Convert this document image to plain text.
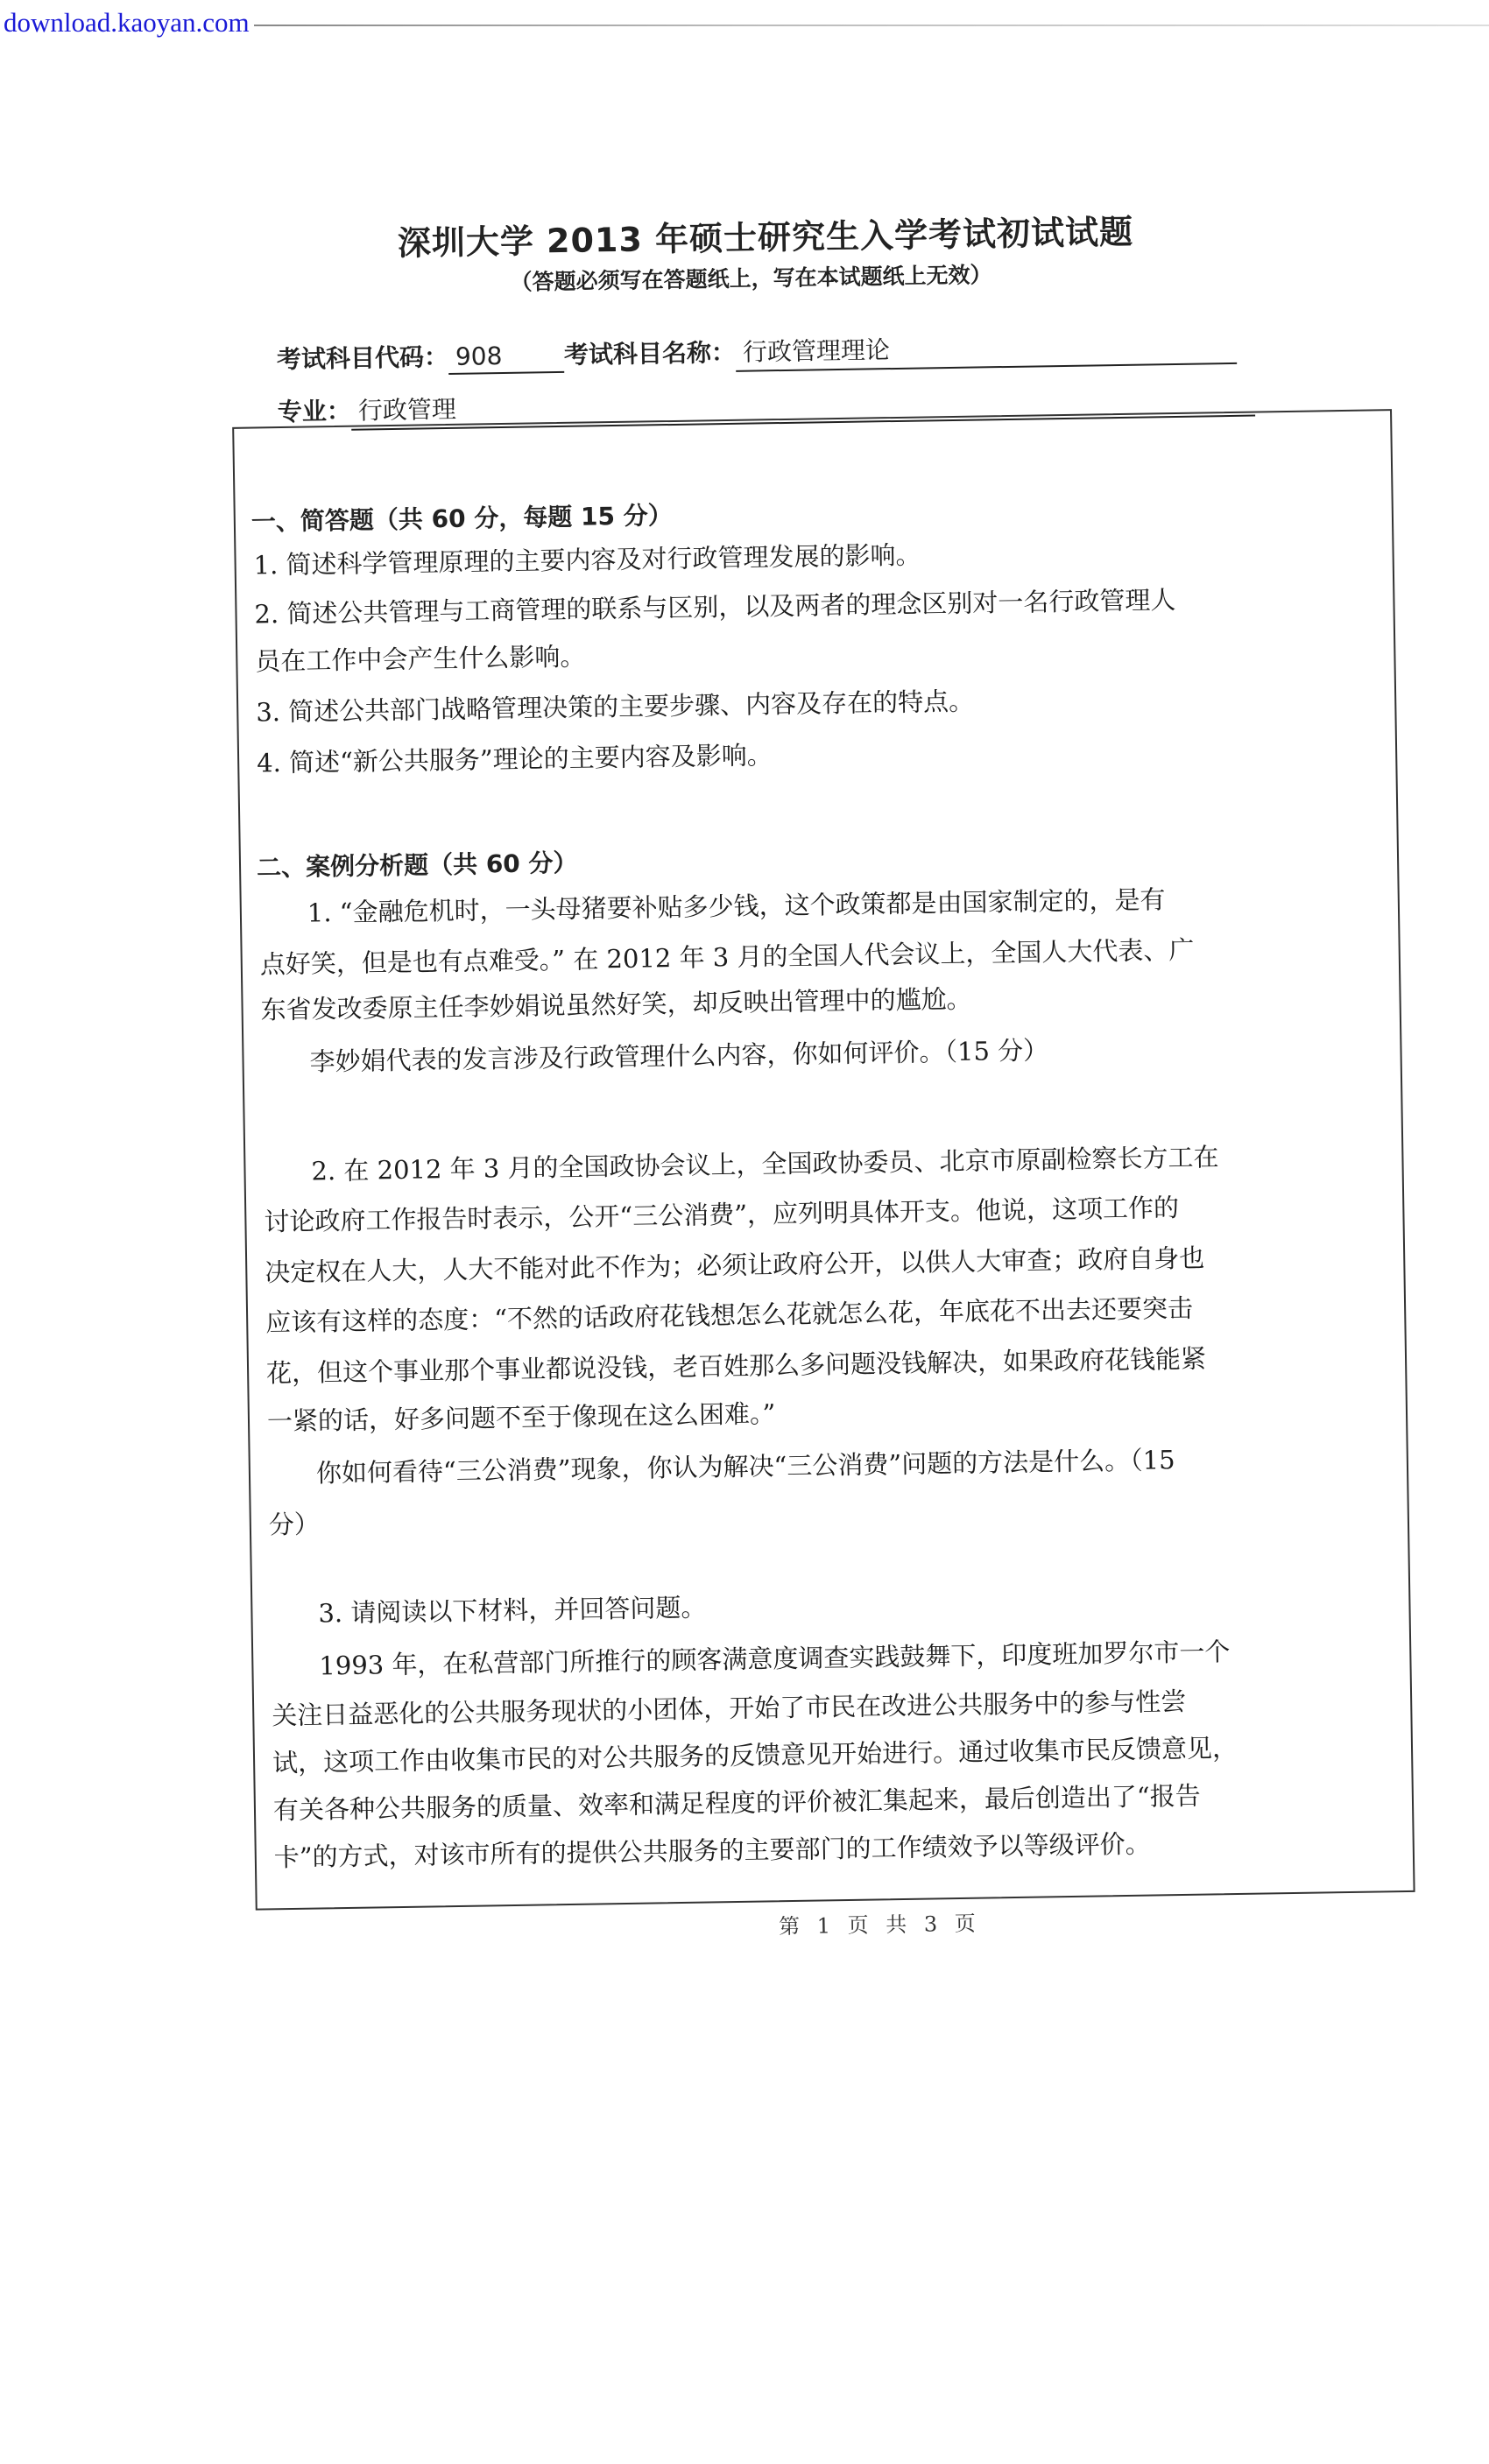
download.kaoyan.com
深圳大学 2013 年硕士研究生入学考试初试试题
（答题必须写在答题纸上，写在本试题纸上无效）
考试科目代码： 908	考试科目名称： 行政管理理论
专业： 行政管理
一、简答题（共 60 分，每题 15 分）
1. 简述科学管理原理的主要内容及对行政管理发展的影响。
2. 简述公共管理与工商管理的联系与区别，以及两者的理念区别对一名行政管理人
员在工作中会产生什么影响。
3. 简述公共部门战略管理决策的主要步骤、内容及存在的特点。
4. 简述“新公共服务”理论的主要内容及影响。
二、案例分析题（共 60 分）
1. “金融危机时，一头母猪要补贴多少钱，这个政策都是由国家制定的，是有
点好笑，但是也有点难受。” 在 2012 年 3 月的全国人代会议上，全国人大代表、广
东省发改委原主任李妙娟说虽然好笑，却反映出管理中的尴尬。
李妙娟代表的发言涉及行政管理什么内容，你如何评价。（15 分）
2. 在 2012 年 3 月的全国政协会议上，全国政协委员、北京市原副检察长方工在
讨论政府工作报告时表示，公开“三公消费”，应列明具体开支。他说，这项工作的
决定权在人大，人大不能对此不作为；必须让政府公开，以供人大审查；政府自身也
应该有这样的态度：“不然的话政府花钱想怎么花就怎么花，年底花不出去还要突击
花，但这个事业那个事业都说没钱，老百姓那么多问题没钱解决，如果政府花钱能紧
一紧的话，好多问题不至于像现在这么困难。”
你如何看待“三公消费”现象，你认为解决“三公消费”问题的方法是什么。（15
分）
3. 请阅读以下材料，并回答问题。
1993 年，在私营部门所推行的顾客满意度调查实践鼓舞下，印度班加罗尔市一个
关注日益恶化的公共服务现状的小团体，开始了市民在改进公共服务中的参与性尝
试，这项工作由收集市民的对公共服务的反馈意见开始进行。通过收集市民反馈意见，
有关各种公共服务的质量、效率和满足程度的评价被汇集起来，最后创造出了“报告
卡”的方式，对该市所有的提供公共服务的主要部门的工作绩效予以等级评价。
第 1 页 共 3 页
